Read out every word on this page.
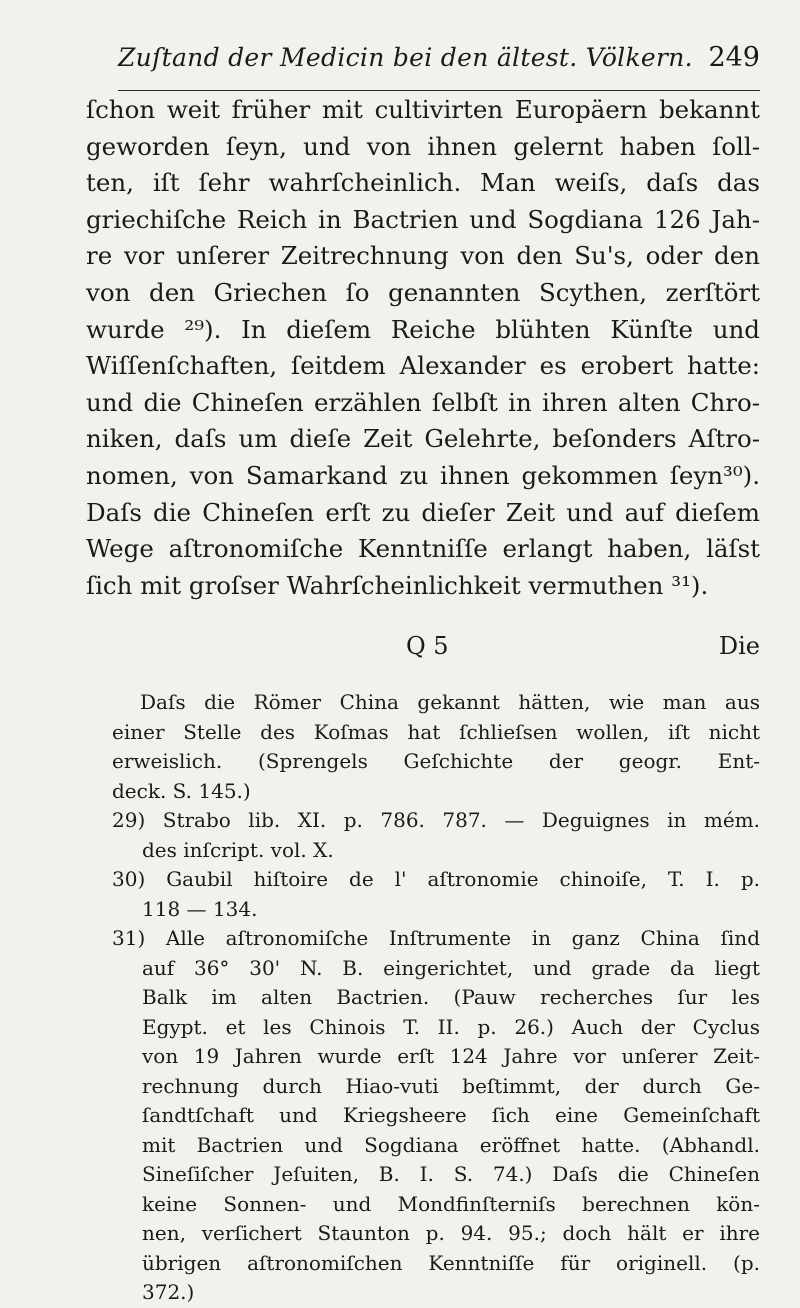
Zuſtand der Medicin bei den ältest. Völkern. 249
ſchon weit früher mit cultivirten Europäern bekannt
geworden ſeyn, und von ihnen gelernt haben ſoll-
ten, iſt ſehr wahrſcheinlich. Man weiſs, daſs das
griechiſche Reich in Bactrien und Sogdiana 126 Jah-
re vor unſerer Zeitrechnung von den Su's, oder den
von den Griechen ſo genannten Scythen, zerſtört
wurde ²⁹). In dieſem Reiche blühten Künſte und
Wiſſenſchaften, ſeitdem Alexander es erobert hatte:
und die Chineſen erzählen ſelbſt in ihren alten Chro-
niken, daſs um dieſe Zeit Gelehrte, beſonders Aſtro-
nomen, von Samarkand zu ihnen gekommen ſeyn³⁰).
Daſs die Chineſen erſt zu dieſer Zeit und auf dieſem
Wege aſtronomiſche Kenntniſſe erlangt haben, läſst
ſich mit groſser Wahrſcheinlichkeit vermuthen ³¹).
Q 5	Die
Daſs die Römer China gekannt hätten, wie man aus
einer Stelle des Koſmas hat ſchlieſsen wollen, iſt nicht
erweislich. (Sprengels Geſchichte der geogr. Ent-
deck. S. 145.)
29) Strabo lib. XI. p. 786. 787. — Deguignes in mém.
des inſcript. vol. X.
30) Gaubil hiſtoire de l' aſtronomie chinoiſe, T. I. p.
118 — 134.
31) Alle aſtronomiſche Inſtrumente in ganz China ſind
auf 36° 30' N. B. eingerichtet, und grade da liegt
Balk im alten Bactrien. (Pauw recherches ſur les
Egypt. et les Chinois T. II. p. 26.) Auch der Cyclus
von 19 Jahren wurde erſt 124 Jahre vor unſerer Zeit-
rechnung durch Hiao-vuti beſtimmt, der durch Ge-
ſandtſchaft und Kriegsheere ſich eine Gemeinſchaft
mit Bactrien und Sogdiana eröffnet hatte. (Abhandl.
Sineſiſcher Jeſuiten, B. I. S. 74.) Daſs die Chineſen
keine Sonnen- und Mondfinſterniſs berechnen kön-
nen, verſichert Staunton p. 94. 95.; doch hält er ihre
übrigen aſtronomiſchen Kenntniſſe für originell. (p.
372.)
